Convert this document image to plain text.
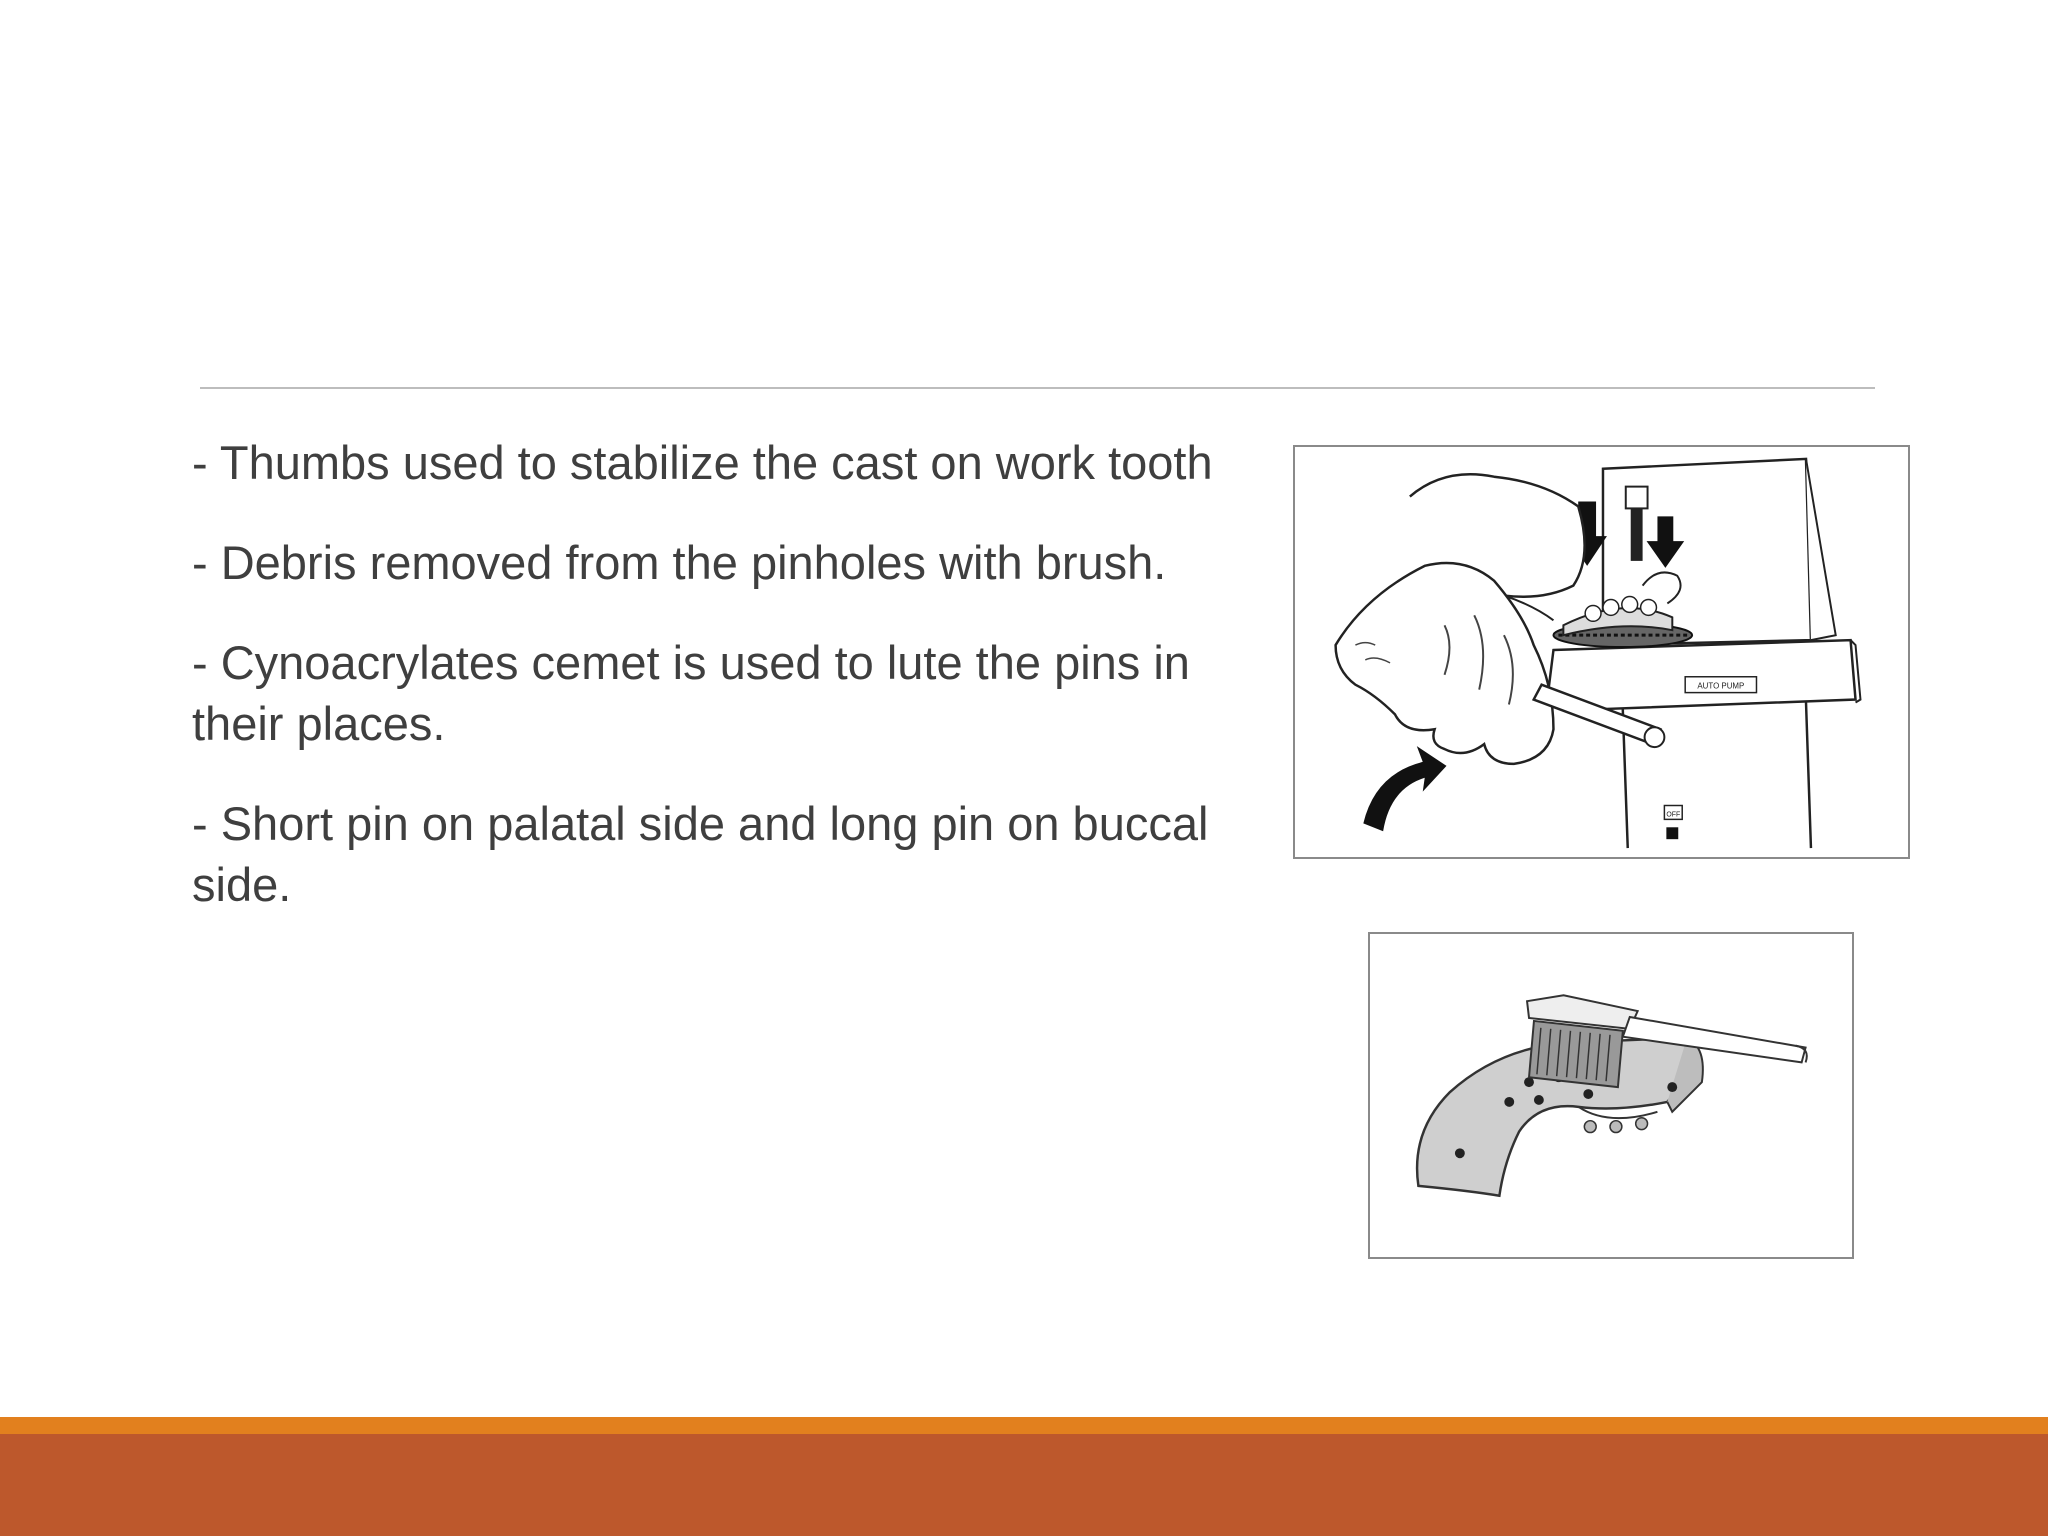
- Thumbs used to stabilize the cast on work tooth
- Debris removed from the pinholes with brush.
- Cynoacrylates cemet is used to lute the pins in their places.
- Short pin on palatal side and long pin on buccal side.
AUTO PUMP
OFF
